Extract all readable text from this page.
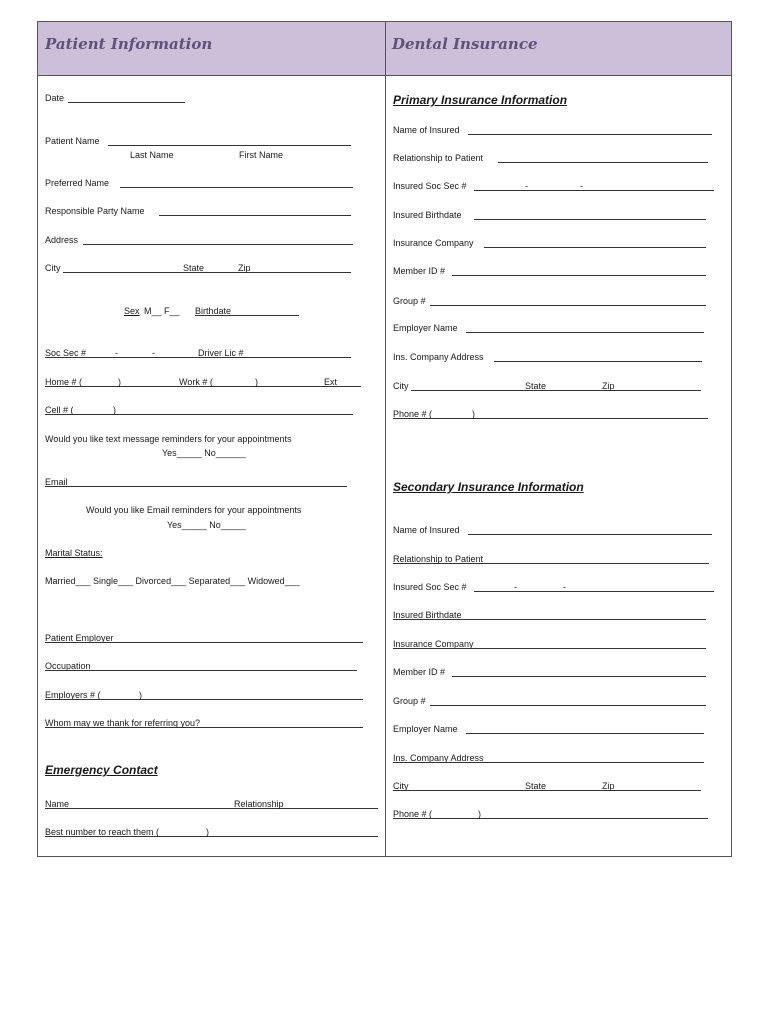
Patient Information	Dental Insurance
Date
Patient Name
Last Name	First Name
Preferred Name
Responsible Party Name
Address
City	State	Zip
Sex M__ F__ Birthdate
Soc Sec #	-	-	Driver Lic #
Home # (	)	Work # (	)	Ext
Cell # (	)
Would you like text message reminders for your appointments
Yes_____ No______
Email
Would you like Email reminders for your appointments
Yes_____ No_____
Marital Status:
Married___ Single___ Divorced___ Separated___ Widowed___
Patient Employer
Occupation
Employers # (	)
Whom may we thank for referring you?
Emergency Contact
Name	Relationship
Best number to reach them (	)
Primary Insurance Information
Name of Insured
Relationship to Patient
Insured Soc Sec #	-	-
Insured Birthdate
Insurance Company
Member ID #
Group #
Employer Name
Ins. Company Address
City	State	Zip
Phone # (	)
Secondary Insurance Information
Name of Insured
Relationship to Patient
Insured Soc Sec #	-	-
Insured Birthdate
Insurance Company
Member ID #
Group #
Employer Name
Ins. Company Address
City	State	Zip
Phone # (	)
